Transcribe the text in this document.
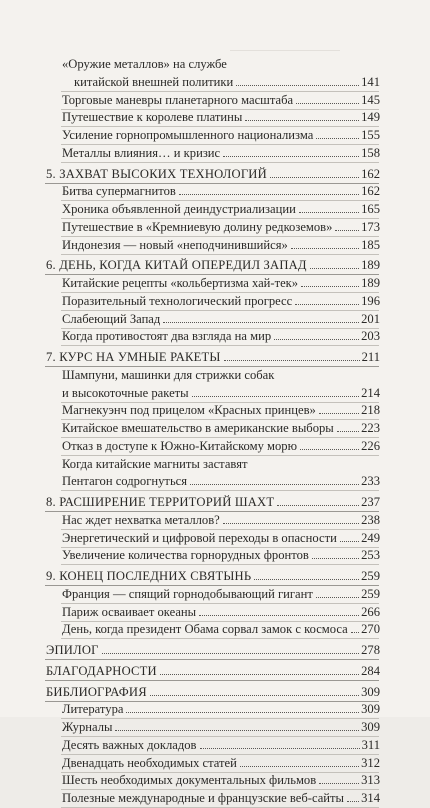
«Оружие металлов» на службе
китайской внешней политики	141
Торговые маневры планетарного масштаба	145
Путешествие к королеве платины	149
Усиление горнопромышленного национализма	155
Металлы влияния… и кризис	158
5. ЗАХВАТ ВЫСОКИХ ТЕХНОЛОГИЙ	162
Битва супермагнитов	162
Хроника объявленной деиндустриализации	165
Путешествие в «Кремниевую долину редкоземов» 173
Индонезия — новый «неподчинившийся»	185
6. ДЕНЬ, КОГДА КИТАЙ ОПЕРЕДИЛ ЗАПАД	189
Китайские рецепты «кольбертизма хай-тек»	189
Поразительный технологический прогресс	196
Слабеющий Запад	201
Когда противостоят два взгляда на мир	203
7. КУРС НА УМНЫЕ РАКЕТЫ	211
Шампуни, машинки для стрижки собак
и высокоточные ракеты	214
Магнекуэнч под прицелом «Красных принцев»	218
Китайское вмешательство в американские выборы 223
Отказ в доступе к Южно-Китайскому морю	226
Когда китайские магниты заставят
Пентагон содрогнуться	233
8. РАСШИРЕНИЕ ТЕРРИТОРИЙ ШАХТ	237
Нас ждет нехватка металлов?	238
Энергетический и цифровой переходы в опасности 249
Увеличение количества горнорудных фронтов	253
9. КОНЕЦ ПОСЛЕДНИХ СВЯТЫНЬ	259
Франция — спящий горнодобывающий гигант	259
Париж осваивает океаны	266
День, когда президент Обама сорвал замок с космоса 270
ЭПИЛОГ	278
БЛАГОДАРНОСТИ	284
БИБЛИОГРАФИЯ	309
Литература	309
Журналы	309
Десять важных докладов	311
Двенадцать необходимых статей	312
Шесть необходимых документальных фильмов	313
Полезные международные и французские веб-сайты 314
